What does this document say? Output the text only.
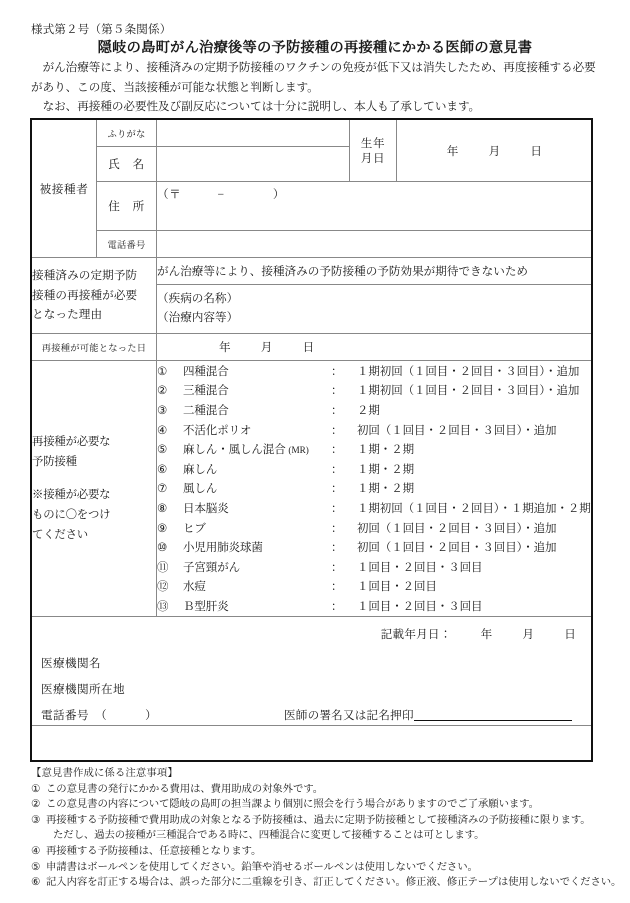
様式第２号（第５条関係）
隠岐の島町がん治療後等の予防接種の再接種にかかる医師の意見書

がん治療等により、接種済みの定期予防接種のワクチンの免疫が低下又は消失したため、再度接種する必要があり、この度、当該接種が可能な状態と判断します。

なお、再接種の必要性及び副反応については十分に説明し、本人も了承しています。

被接種者	ふりがな		
生年
月日
	年	月	日
氏　名	
住　所	（〒　　　−　　　　）
電話番号	

接種済みの定期予防
接種の再接種が必要
となった理由
	がん治療等により、接種済みの予防接種の予防効果が期待できないため

（疾病の名称）
（治療内容等）

再接種が可能となった日	年	月	日

再接種が必要な
予防接種
※接種が必要な
ものに〇をつけ
てください

①	四種混合	：	１期初回（１回目・２回目・３回目）・追加
②	三種混合	：	１期初回（１回目・２回目・３回目）・追加
③	二種混合	：	２期
④	不活化ポリオ	：	初回（１回目・２回目・３回目）・追加
⑤	麻しん・風しん混合 (MR)	：	１期・２期
⑥	麻しん	：	１期・２期
⑦	風しん	：	１期・２期
⑧	日本脳炎	：	１期初回（１回目・２回目）・１期追加・２期
⑨	ヒブ	：	初回（１回目・２回目・３回目）・追加
⑩	小児用肺炎球菌	：	初回（１回目・２回目・３回目）・追加
⑪	子宮頸がん	：	１回目・２回目・３回目
⑫	水痘	：	１回目・２回目
⑬	Ｂ型肝炎	：	１回目・２回目・３回目

記載年月日：	年	月	日
医療機関名
医療機関所在地
電話番号　（	）	医師の署名又は記名押印
【意見書作成に係る注意事項】
① この意見書の発行にかかる費用は、費用助成の対象外です。
② この意見書の内容について隠岐の島町の担当課より個別に照会を行う場合がありますのでご了承願います。
③ 再接種する予防接種で費用助成の対象となる予防接種は、過去に定期予防接種として接種済みの予防接種に限ります。
ただし、過去の接種が三種混合である時に、四種混合に変更して接種することは可とします。
④ 再接種する予防接種は、任意接種となります。
⑤ 申請書はボールペンを使用してください。鉛筆や消せるボールペンは使用しないでください。
⑥ 記入内容を訂正する場合は、誤った部分に二重線を引き、訂正してください。修正液、修正テープは使用しないでください。
